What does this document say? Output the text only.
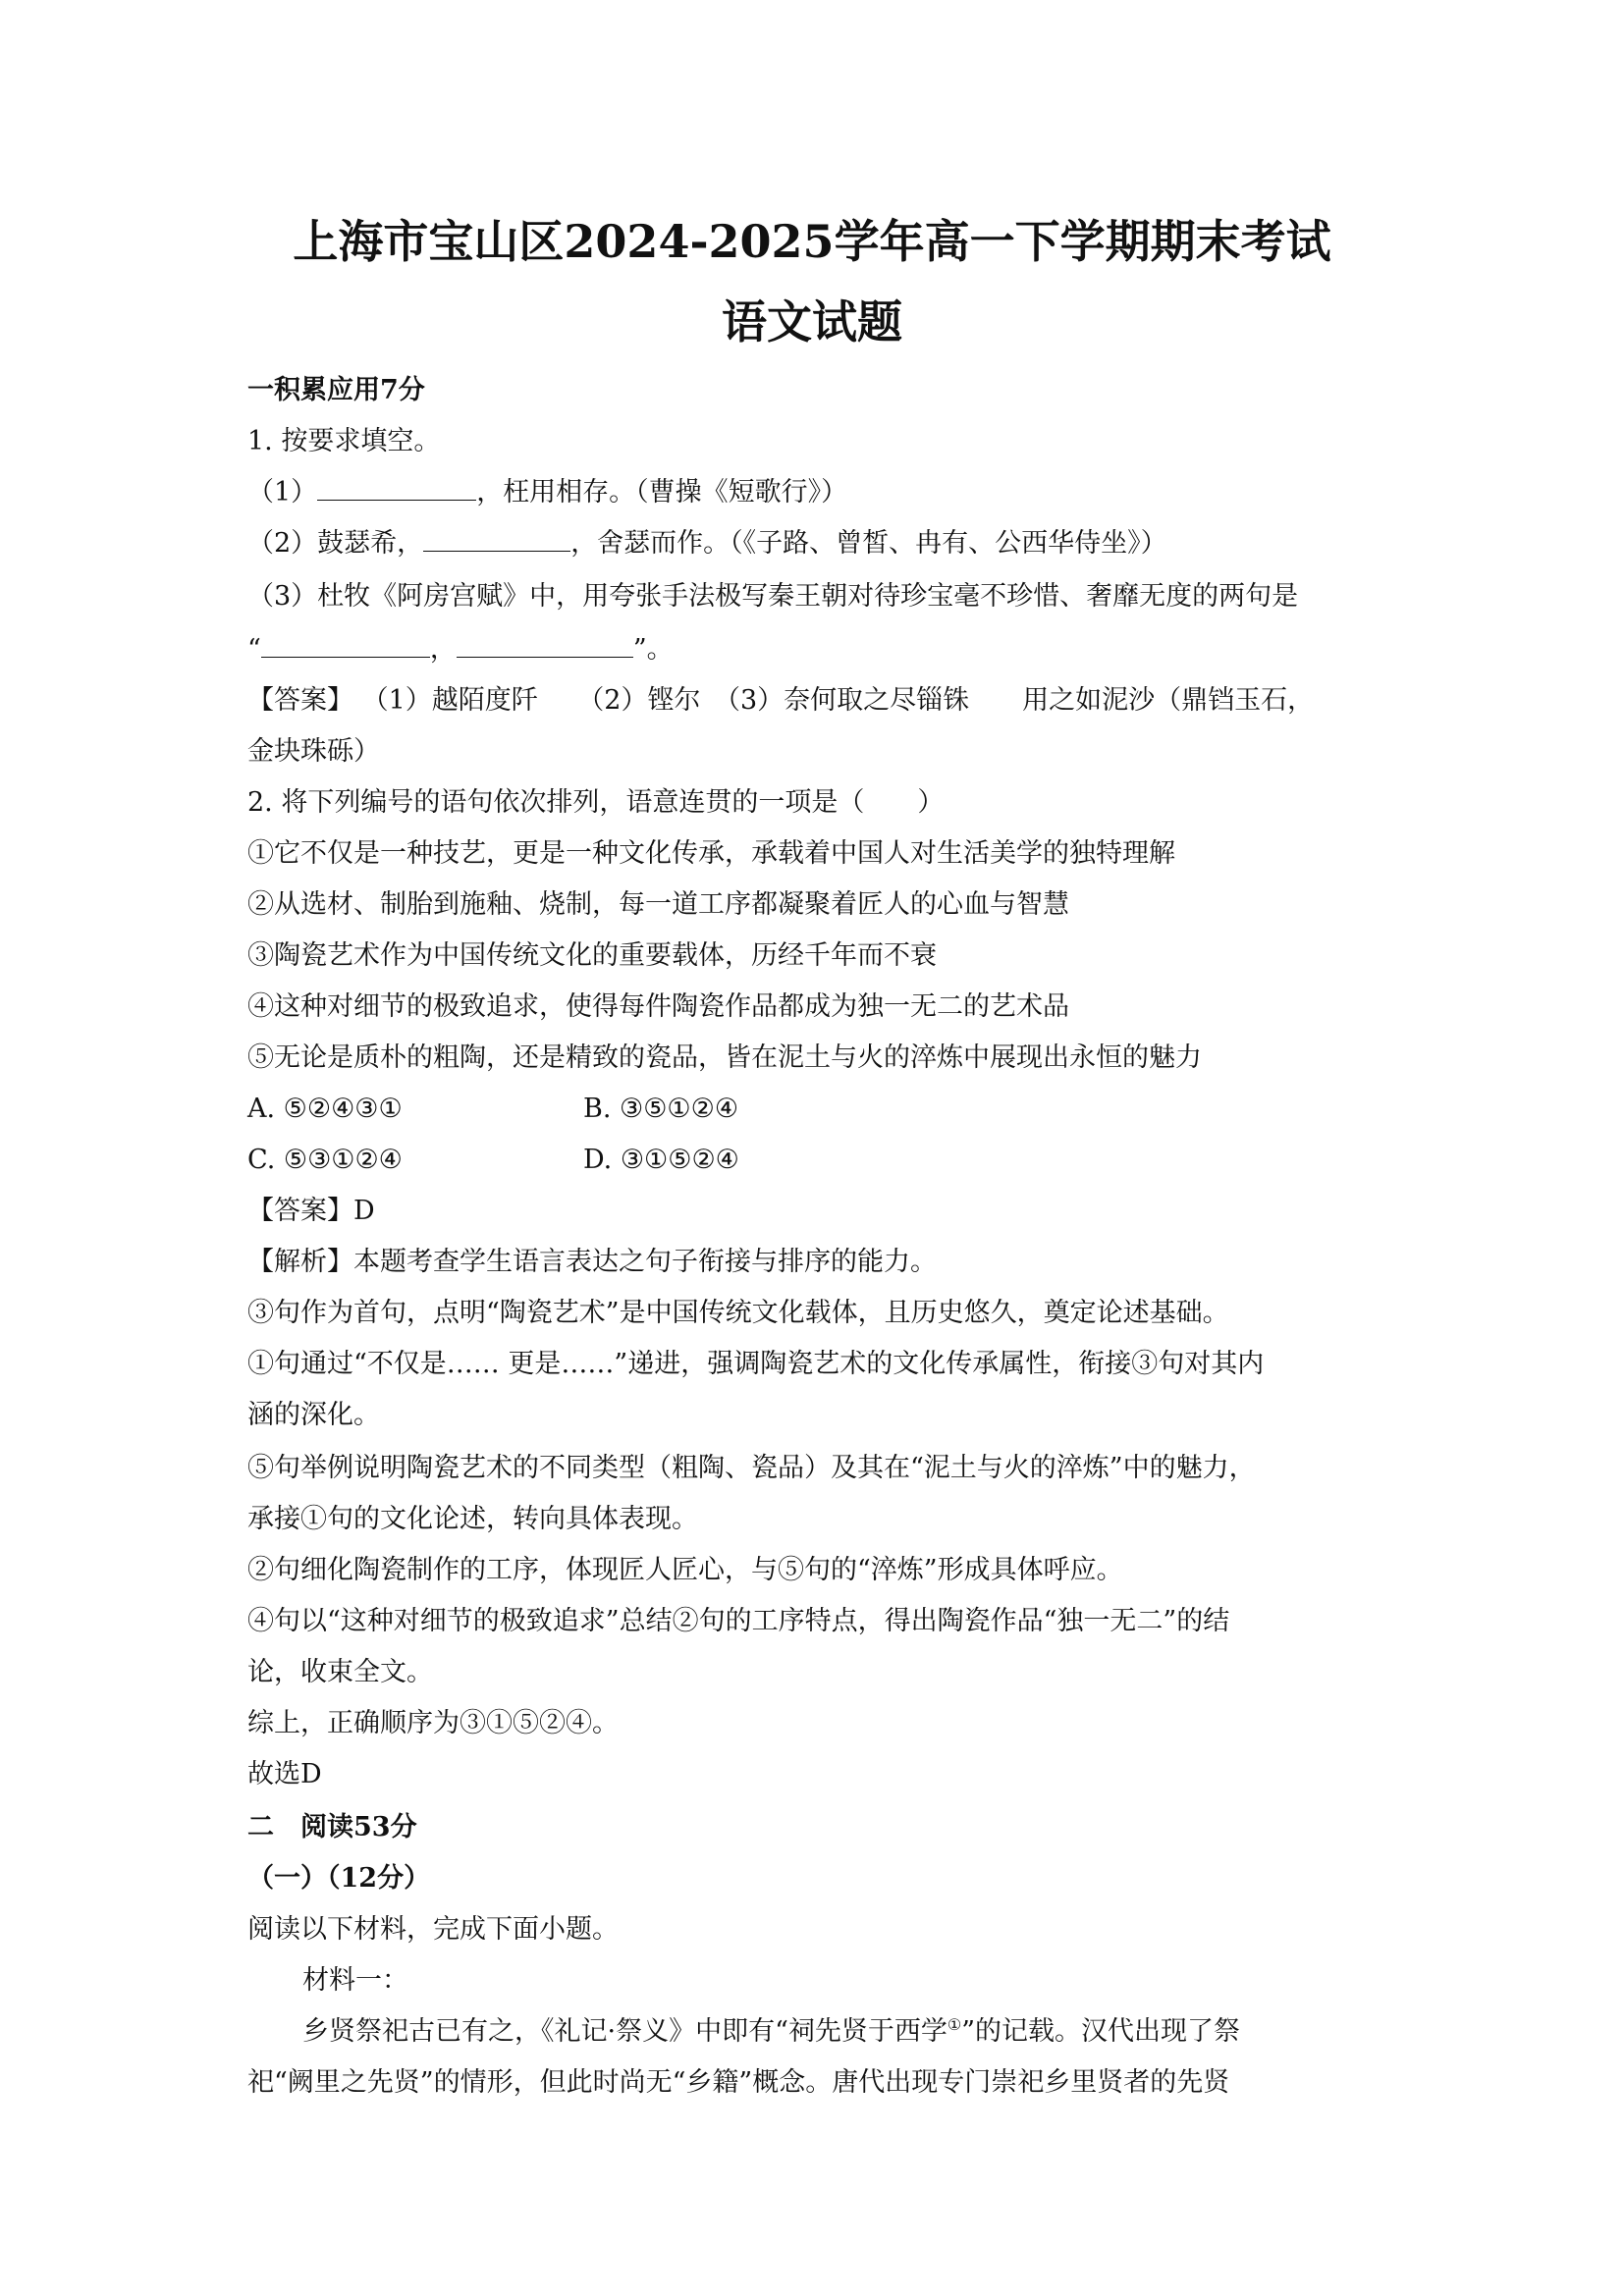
上海市宝山区2024-2025学年高一下学期期末考试
语文试题
一积累应用7分
1. 按要求填空。
（1）	，枉用相存。（曹操《短歌行》）
（2）鼓瑟希，	，舍瑟而作。（《子路、曾皙、冉有、公西华侍坐》）
（3）杜牧《阿房宫赋》中，用夸张手法极写秦王朝对待珍宝毫不珍惜、奢靡无度的两句是
“	，	”。
【答案】 （1）越陌度阡　　（2）铿尔　（3）奈何取之尽锱铢　　用之如泥沙（鼎铛玉石，
金块珠砾）
2. 将下列编号的语句依次排列，语意连贯的一项是（　　）
①它不仅是一种技艺，更是一种文化传承，承载着中国人对生活美学的独特理解
②从选材、制胎到施釉、烧制，每一道工序都凝聚着匠人的心血与智慧
③陶瓷艺术作为中国传统文化的重要载体，历经千年而不衰
④这种对细节的极致追求，使得每件陶瓷作品都成为独一无二的艺术品
⑤无论是质朴的粗陶，还是精致的瓷品，皆在泥土与火的淬炼中展现出永恒的魅力
A. ⑤②④③①	B. ③⑤①②④
C. ⑤③①②④	D. ③①⑤②④
【答案】D
【解析】本题考查学生语言表达之句子衔接与排序的能力。
③句作为首句，点明“陶瓷艺术”是中国传统文化载体，且历史悠久，奠定论述基础。
①句通过“不仅是…… 更是……”递进，强调陶瓷艺术的文化传承属性，衔接③句对其内
涵的深化。
⑤句举例说明陶瓷艺术的不同类型（粗陶、瓷品）及其在“泥土与火的淬炼”中的魅力，
承接①句的文化论述，转向具体表现。
②句细化陶瓷制作的工序，体现匠人匠心，与⑤句的“淬炼”形成具体呼应。
④句以“这种对细节的极致追求”总结②句的工序特点，得出陶瓷作品“独一无二”的结
论，收束全文。
综上，正确顺序为③①⑤②④。
故选D
二　阅读53分
（一）（12分）
阅读以下材料，完成下面小题。
材料一：
乡贤祭祀古已有之，《礼记·祭义》中即有“祠先贤于西学①”的记载。汉代出现了祭
祀“阙里之先贤”的情形，但此时尚无“乡籍”概念。唐代出现专门崇祀乡里贤者的先贤
